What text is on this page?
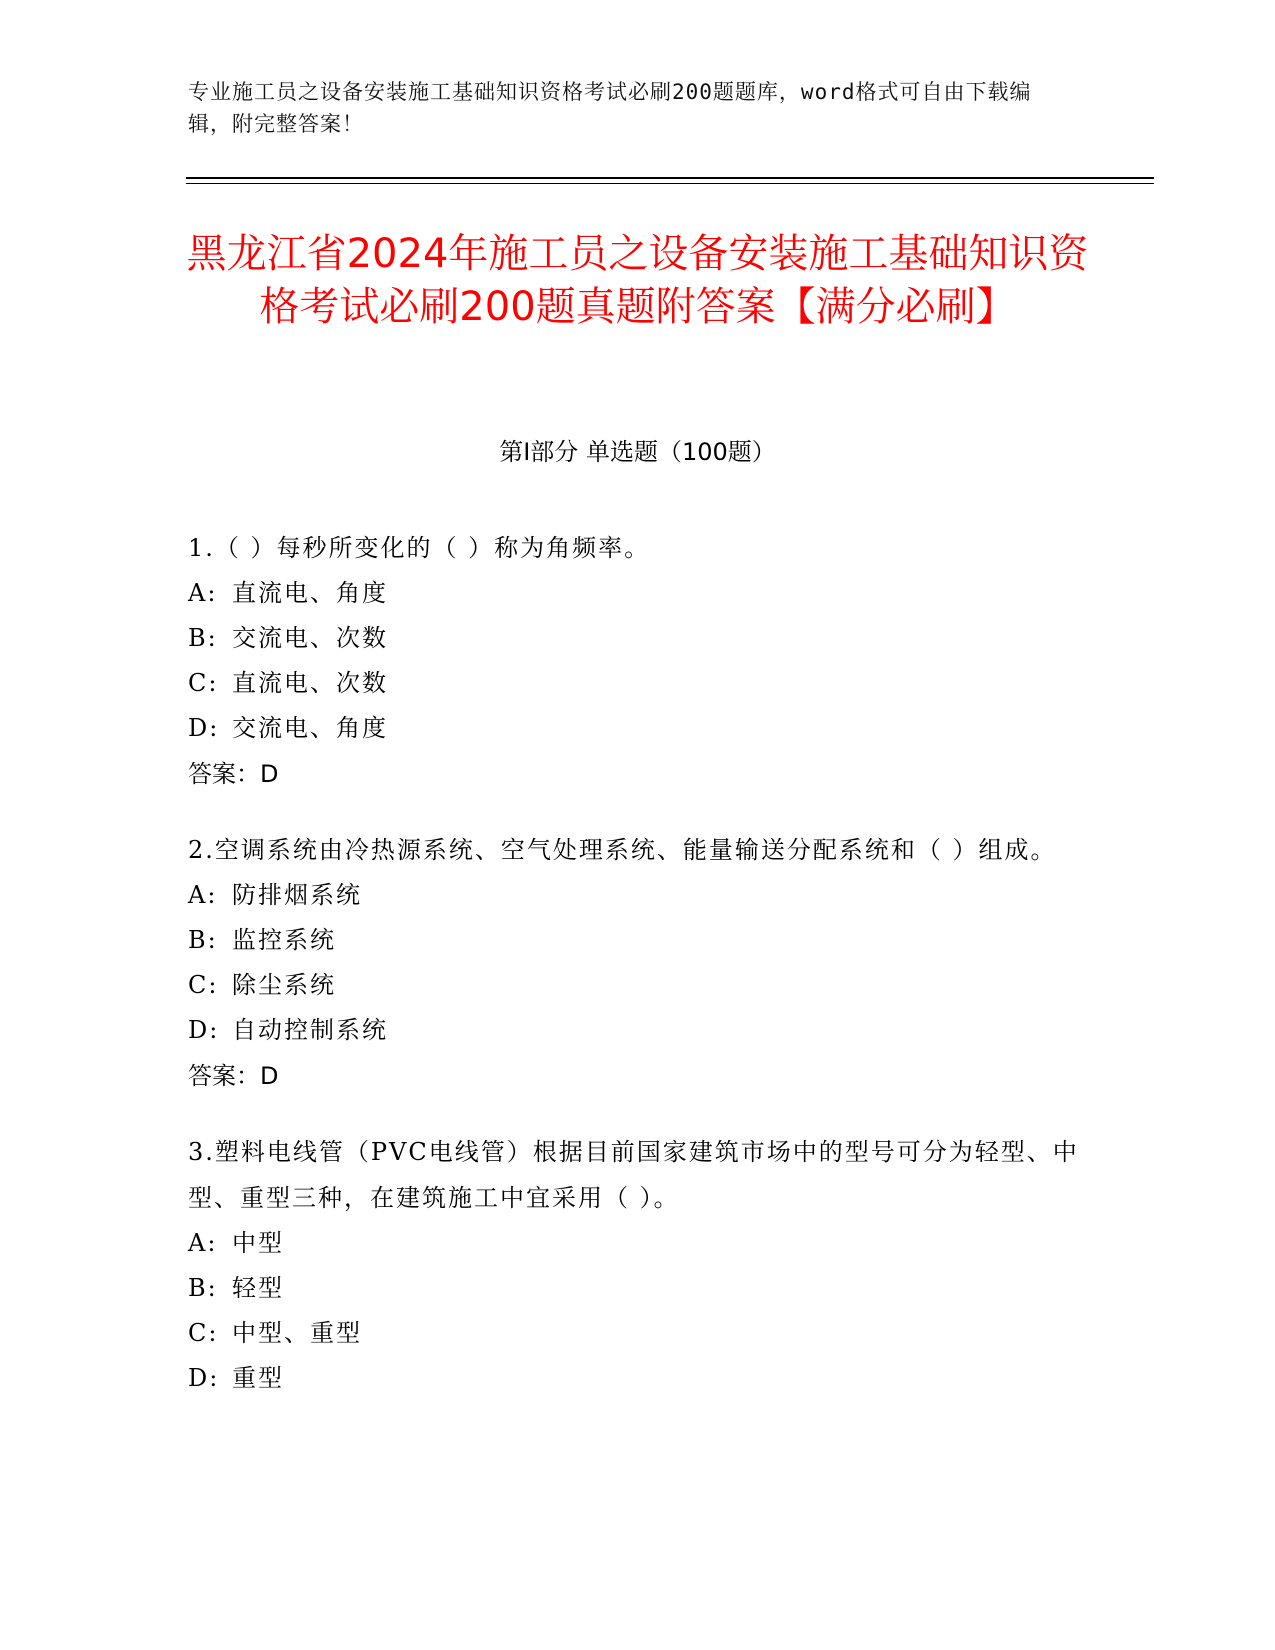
专业施工员之设备安装施工基础知识资格考试必刷200题题库，word格式可自由下载编辑，附完整答案！
黑龙江省2024年施工员之设备安装施工基础知识资格考试必刷200题真题附答案【满分必刷】
第I部分 单选题（100题）
1.（ ）每秒所变化的（ ）称为角频率。
A: 直流电、角度
B: 交流电、次数
C: 直流电、次数
D: 交流电、角度
答案：D
2.空调系统由冷热源系统、空气处理系统、能量输送分配系统和（ ）组成。
A: 防排烟系统
B: 监控系统
C: 除尘系统
D: 自动控制系统
答案：D
3.塑料电线管（PVC电线管）根据目前国家建筑市场中的型号可分为轻型、中型、重型三种，在建筑施工中宜采用（ ）。
A: 中型
B: 轻型
C: 中型、重型
D: 重型
